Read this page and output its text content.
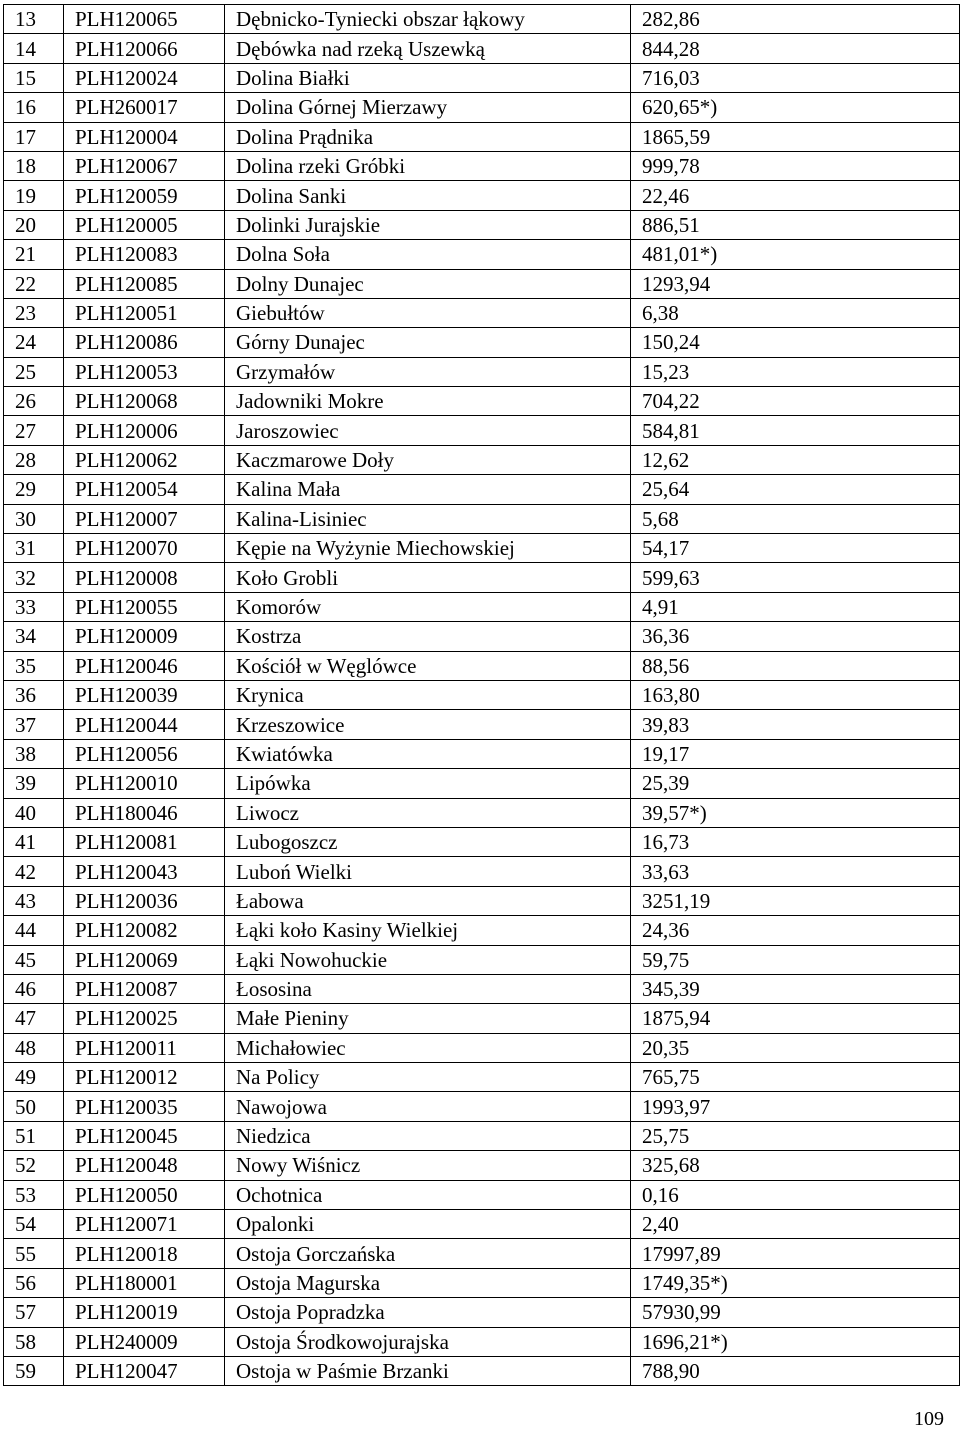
13	PLH120065	Dębnicko-Tyniecki obszar łąkowy	282,86
14	PLH120066	Dębówka nad rzeką Uszewką	844,28
15	PLH120024	Dolina Białki	716,03
16	PLH260017	Dolina Górnej Mierzawy	620,65*)
17	PLH120004	Dolina Prądnika	1865,59
18	PLH120067	Dolina rzeki Gróbki	999,78
19	PLH120059	Dolina Sanki	22,46
20	PLH120005	Dolinki Jurajskie	886,51
21	PLH120083	Dolna Soła	481,01*)
22	PLH120085	Dolny Dunajec	1293,94
23	PLH120051	Giebułtów	6,38
24	PLH120086	Górny Dunajec	150,24
25	PLH120053	Grzymałów	15,23
26	PLH120068	Jadowniki Mokre	704,22
27	PLH120006	Jaroszowiec	584,81
28	PLH120062	Kaczmarowe Doły	12,62
29	PLH120054	Kalina Mała	25,64
30	PLH120007	Kalina-Lisiniec	5,68
31	PLH120070	Kępie na Wyżynie Miechowskiej	54,17
32	PLH120008	Koło Grobli	599,63
33	PLH120055	Komorów	4,91
34	PLH120009	Kostrza	36,36
35	PLH120046	Kościół w Węglówce	88,56
36	PLH120039	Krynica	163,80
37	PLH120044	Krzeszowice	39,83
38	PLH120056	Kwiatówka	19,17
39	PLH120010	Lipówka	25,39
40	PLH180046	Liwocz	39,57*)
41	PLH120081	Lubogoszcz	16,73
42	PLH120043	Luboń Wielki	33,63
43	PLH120036	Łabowa	3251,19
44	PLH120082	Łąki koło Kasiny Wielkiej	24,36
45	PLH120069	Łąki Nowohuckie	59,75
46	PLH120087	Łososina	345,39
47	PLH120025	Małe Pieniny	1875,94
48	PLH120011	Michałowiec	20,35
49	PLH120012	Na Policy	765,75
50	PLH120035	Nawojowa	1993,97
51	PLH120045	Niedzica	25,75
52	PLH120048	Nowy Wiśnicz	325,68
53	PLH120050	Ochotnica	0,16
54	PLH120071	Opalonki	2,40
55	PLH120018	Ostoja Gorczańska	17997,89
56	PLH180001	Ostoja Magurska	1749,35*)
57	PLH120019	Ostoja Popradzka	57930,99
58	PLH240009	Ostoja Środkowojurajska	1696,21*)
59	PLH120047	Ostoja w Paśmie Brzanki	788,90
109
